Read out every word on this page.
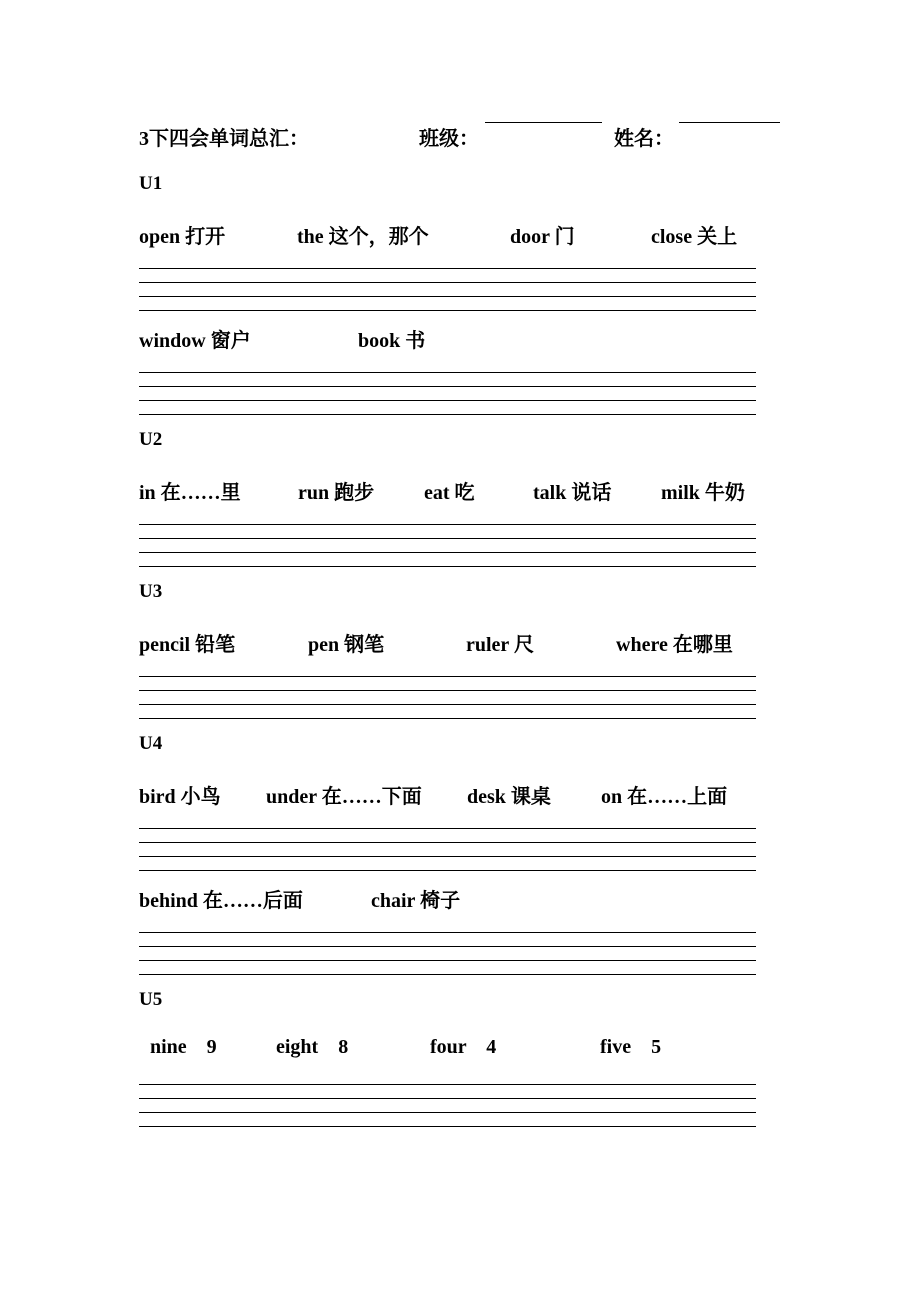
3下四会单词总汇：	班级：	姓名：
U1
open 打开	the 这个，那个	door 门	close 关上
window 窗户	book 书
U2
in 在……里	run 跑步 eat 吃	talk 说话 milk 牛奶
U3
pencil 铅笔	pen 钢笔	ruler 尺	where 在哪里
U4
bird 小鸟 under 在……下面 desk 课桌	on 在……上面
behind 在……后面	chair 椅子
U5
nine    9	eight    8	four    4	five    5
